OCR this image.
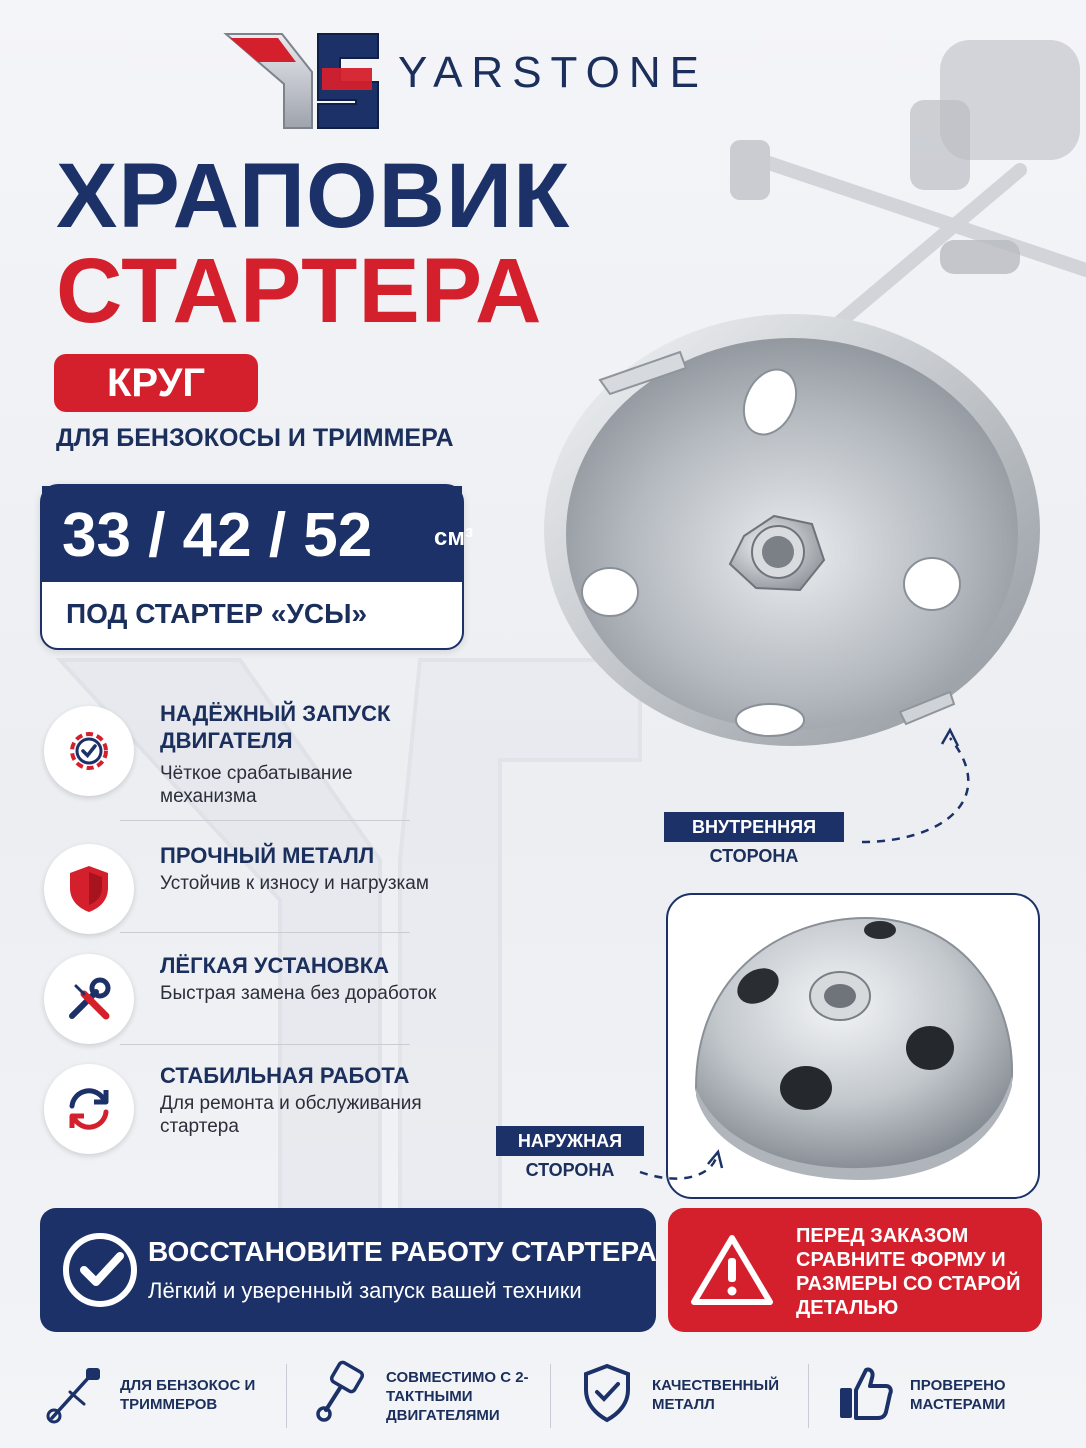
YARSTONE
ХРАПОВИК
СТАРТЕРА
КРУГ
ДЛЯ БЕНЗОКОСЫ И ТРИММЕРА
33 / 42 / 52	см³
ПОД СТАРТЕР «УСЫ»
НАДЁЖНЫЙ ЗАПУСК ДВИГАТЕЛЯ
Чёткое срабатывание механизма
ПРОЧНЫЙ МЕТАЛЛ
Устойчив к износу и нагрузкам
ЛЁГКАЯ УСТАНОВКА
Быстрая замена без доработок
СТАБИЛЬНАЯ РАБОТА
Для ремонта и обслуживания стартера
ВНУТРЕННЯЯ
СТОРОНА
НАРУЖНАЯ
СТОРОНА
ВОССТАНОВИТЕ РАБОТУ СТАРТЕРА
Лёгкий и уверенный запуск вашей техники
ПЕРЕД ЗАКАЗОМ СРАВНИТЕ ФОРМУ И РАЗМЕРЫ СО СТАРОЙ ДЕТАЛЬЮ
ДЛЯ БЕНЗОКОС И ТРИММЕРОВ
СОВМЕСТИМО С 2-ТАКТНЫМИ ДВИГАТЕЛЯМИ
КАЧЕСТВЕННЫЙ МЕТАЛЛ
ПРОВЕРЕНО МАСТЕРАМИ
